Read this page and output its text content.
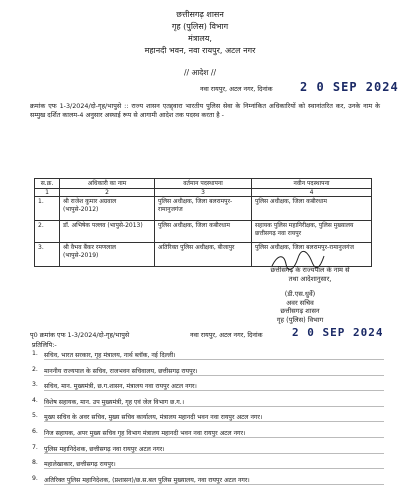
छत्तीसगढ़ शासन
गृह (पुलिस) विभाग
मंत्रालय,
महानदी भवन, नवा रायपुर, अटल नगर
// आदेश //
नवा रायपुर, अटल नगर, दिनांक 2 0 SEP 2024
क्रमांक एफ 1-3/2024/दो-गृह/भापुसे :: राज्य शासन एतद्द्वारा भारतीय पुलिस सेवा के निम्नांकित अधिकारियों को स्थानांतरित कर, उनके नाम के सम्मुख दर्शित कालम-4 अनुसार अस्थाई रूप से आगामी आदेश तक पदस्थ करता है -
स.क्र.	अधिकारी का नाम	वर्तमान पदस्थापना	नवीन पदस्थापना
1	2	3	4
1.	श्री राजेश कुमार अग्रवाल (भापुसे-2012)	पुलिस अधीक्षक, जिला बलरामपुर-रामानुजगंज	पुलिस अधीक्षक, जिला कबीरधाम
2.	डॉ. अभिषेक पल्लव (भापुसे-2013)	पुलिस अधीक्षक, जिला कबीरधाम	सहायक पुलिस महानिरीक्षक, पुलिस मुख्यालय छत्तीसगढ़ नवा रायपुर
3.	श्री वैभव बैंकर रमणलाल (भापुसे-2019)	अतिरिक्त पुलिस अधीक्षक, बीजापुर	पुलिस अधीक्षक, जिला बलरामपुर-रामानुजगंज
छत्तीसगढ़ के राज्यपाल के नाम से
तथा आदेशानुसार,
(डी.एस.धुर्वे)
अवर सचिव
छत्तीसगढ़ शासन
गृह (पुलिस) विभाग
पृ0 क्रमांक एफ 1-3/2024/दो-गृह/भापुसे	नवा रायपुर, अटल नगर, दिनांक	2 0 SEP 2024
प्रतिलिपि:-
1. सचिव, भारत सरकार, गृह मंत्रालय, नार्थ ब्लॉक, नई दिल्ली।
2. माननीय राज्यपाल के सचिव, राजभवन सचिवालय, छत्तीसगढ़ रायपुर।
3. सचिव, मान. मुख्यमंत्री, छ.ग.शासन, मंत्रालय नवा रायपुर अटल नगर।
4. विशेष सहायक, मान. उप मुख्यमंत्री, गृह एवं जेल विभाग छ.ग.।
5. मुख्य सचिव के अवर सचिव, मुख्य सचिव कार्यालय, मंत्रालय महानदी भवन नवा रायपुर अटल नगर।
6. निज सहायक, अपर मुख्य सचिव गृह विभाग मंत्रालय महानदी भवन नवा रायपुर अटल नगर।
7. पुलिस महानिदेशक, छत्तीसगढ़ नवा रायपुर अटल नगर।
8. महालेखाकार, छत्तीसगढ़ रायपुर।
9. अतिरिक्त पुलिस महानिदेशक, (प्रशासन)/छ.स.बल पुलिस मुख्यालय, नवा रायपुर अटल नगर।
